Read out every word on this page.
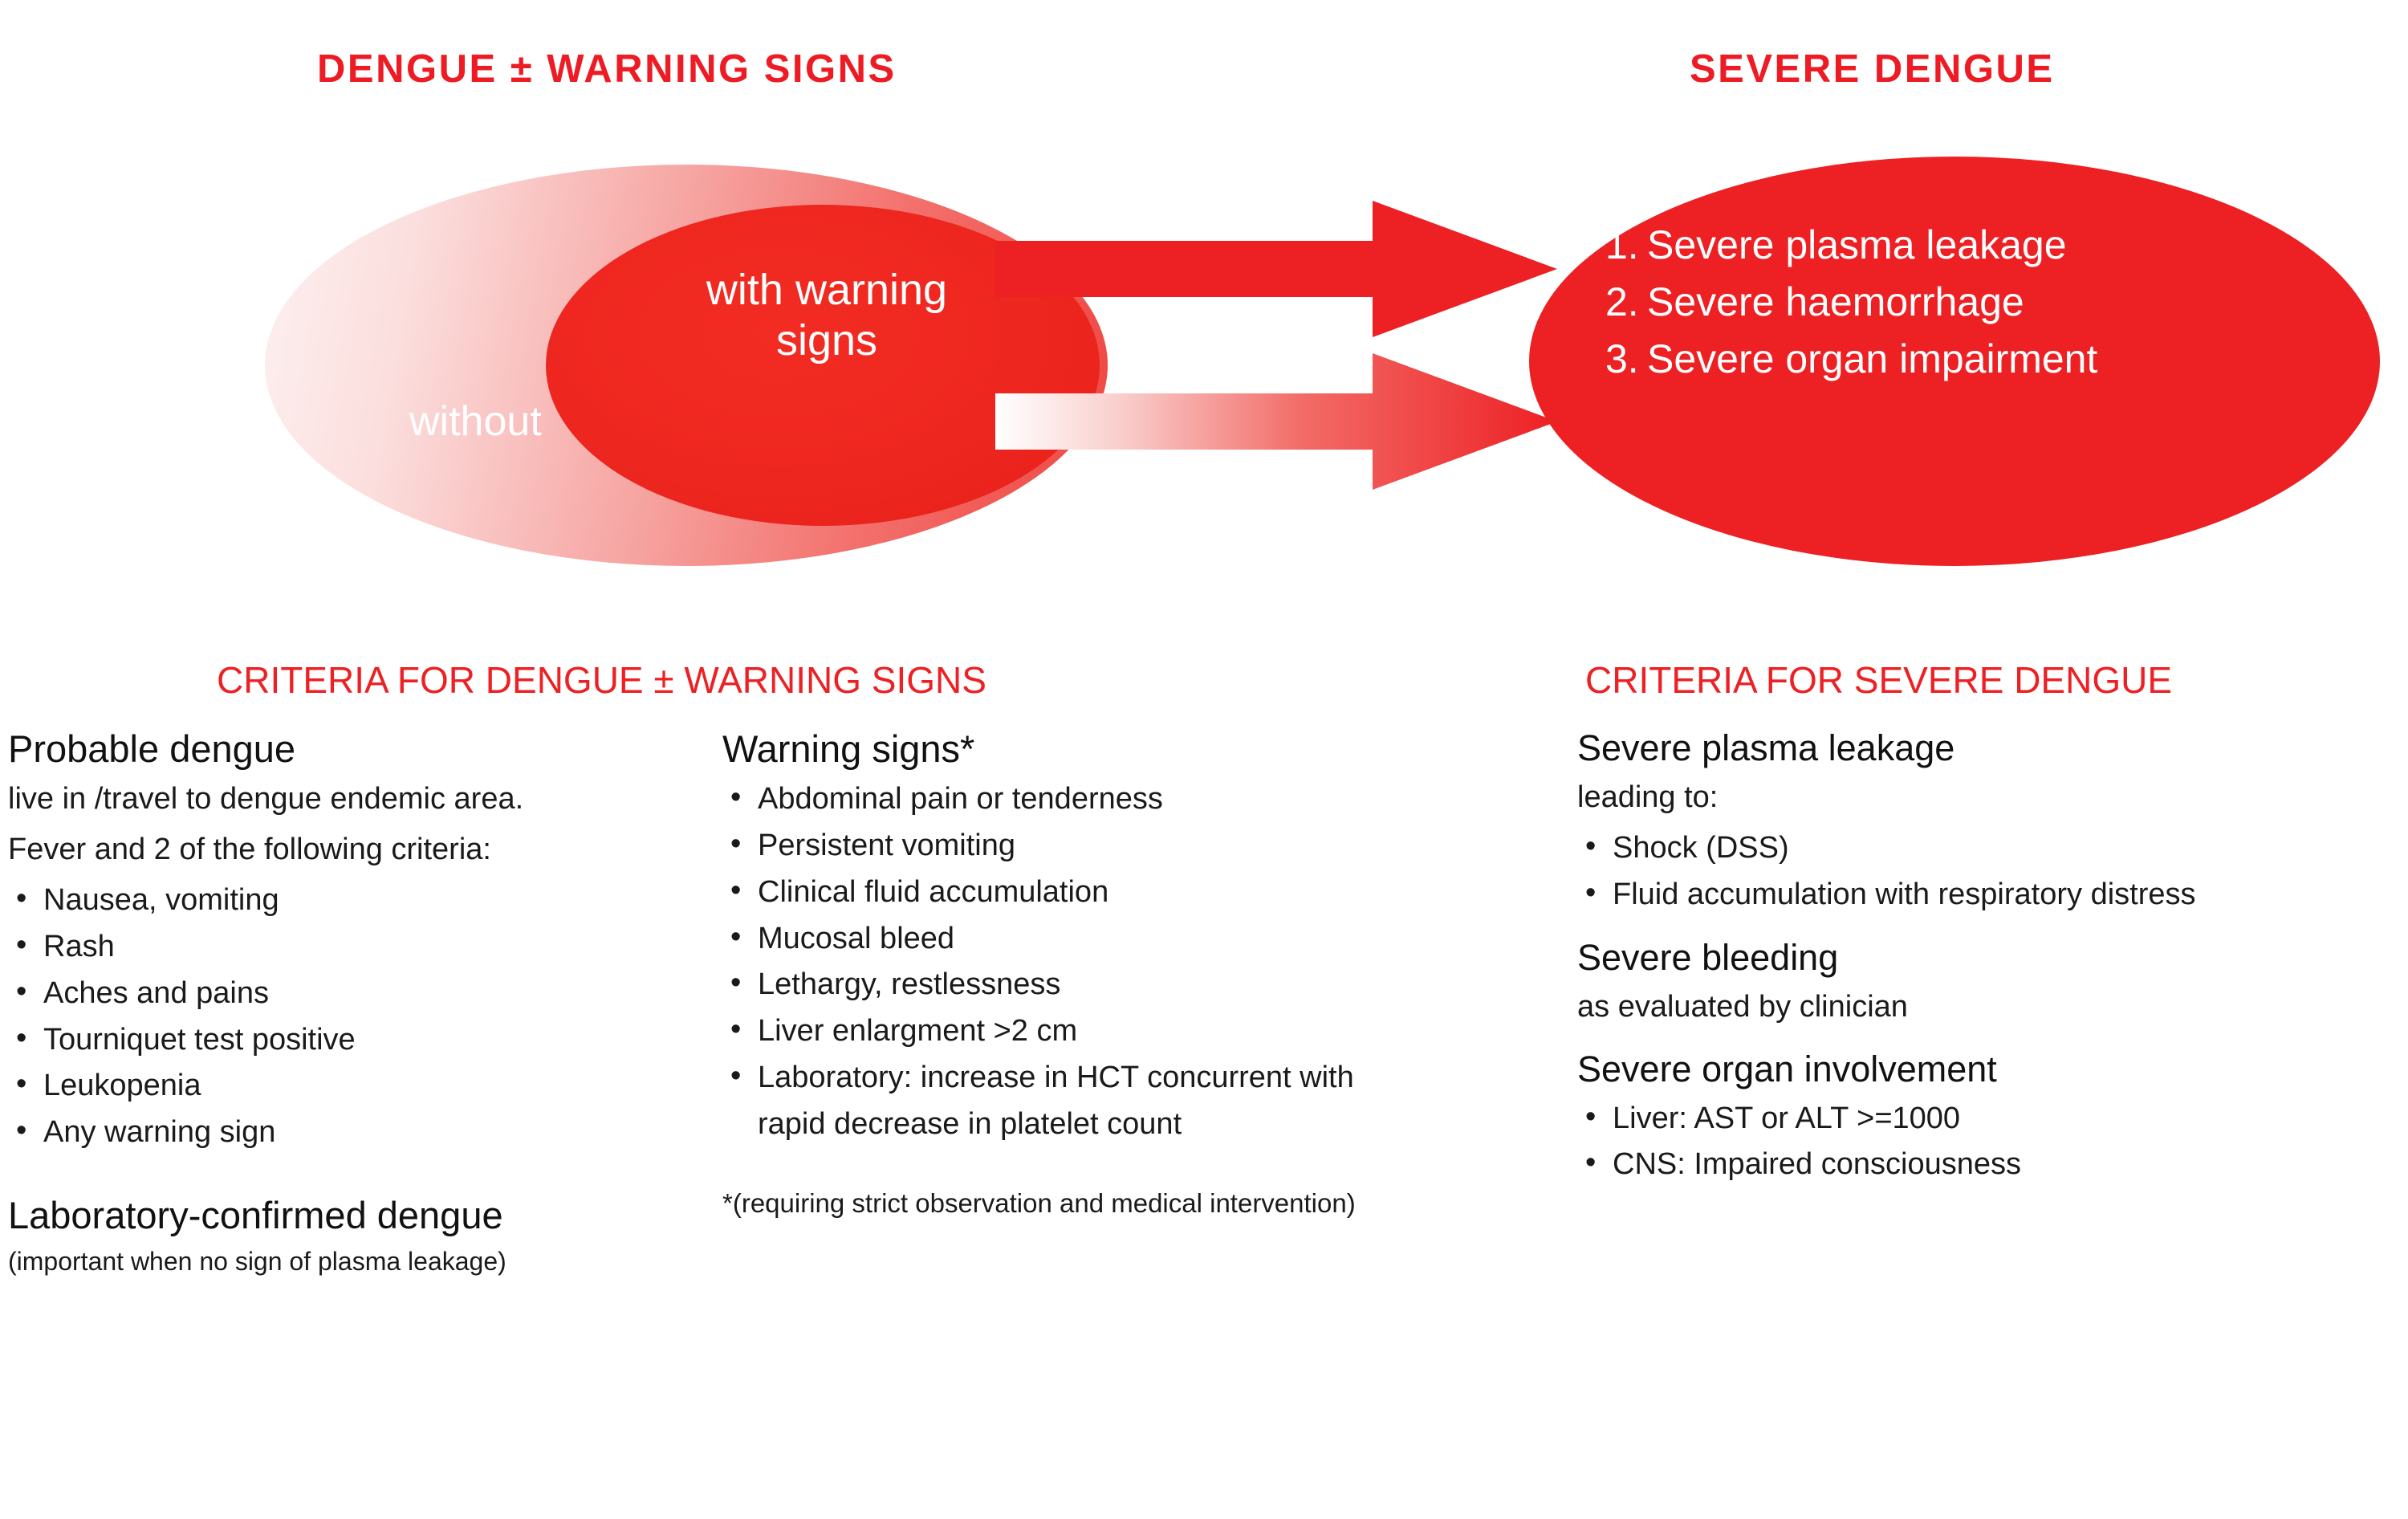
DENGUE ± WARNING SIGNS	SEVERE DENGUE
without
with warning
signs
1. Severe plasma leakage
2. Severe haemorrhage
3. Severe organ impairment
CRITERIA FOR DENGUE ± WARNING SIGNS	CRITERIA FOR SEVERE DENGUE
Probable dengue

live in /travel to dengue endemic area.

Fever and 2 of the following criteria:

• Nausea, vomiting
• Rash
• Aches and pains
• Tourniquet test positive
• Leukopenia
• Any warning sign
Laboratory-confirmed dengue

(important when no sign of plasma leakage)

Warning signs*
• Abdominal pain or tenderness
• Persistent vomiting
• Clinical fluid accumulation
• Mucosal bleed
• Lethargy, restlessness
• Liver enlargment >2 cm
• Laboratory: increase in HCT concurrent with rapid decrease in platelet count

*(requiring strict observation and medical intervention)

Severe plasma leakage

leading to:

• Shock (DSS)
• Fluid accumulation with respiratory distress
Severe bleeding

as evaluated by clinician

Severe organ involvement
• Liver: AST or ALT >=1000
• CNS: Impaired consciousness
